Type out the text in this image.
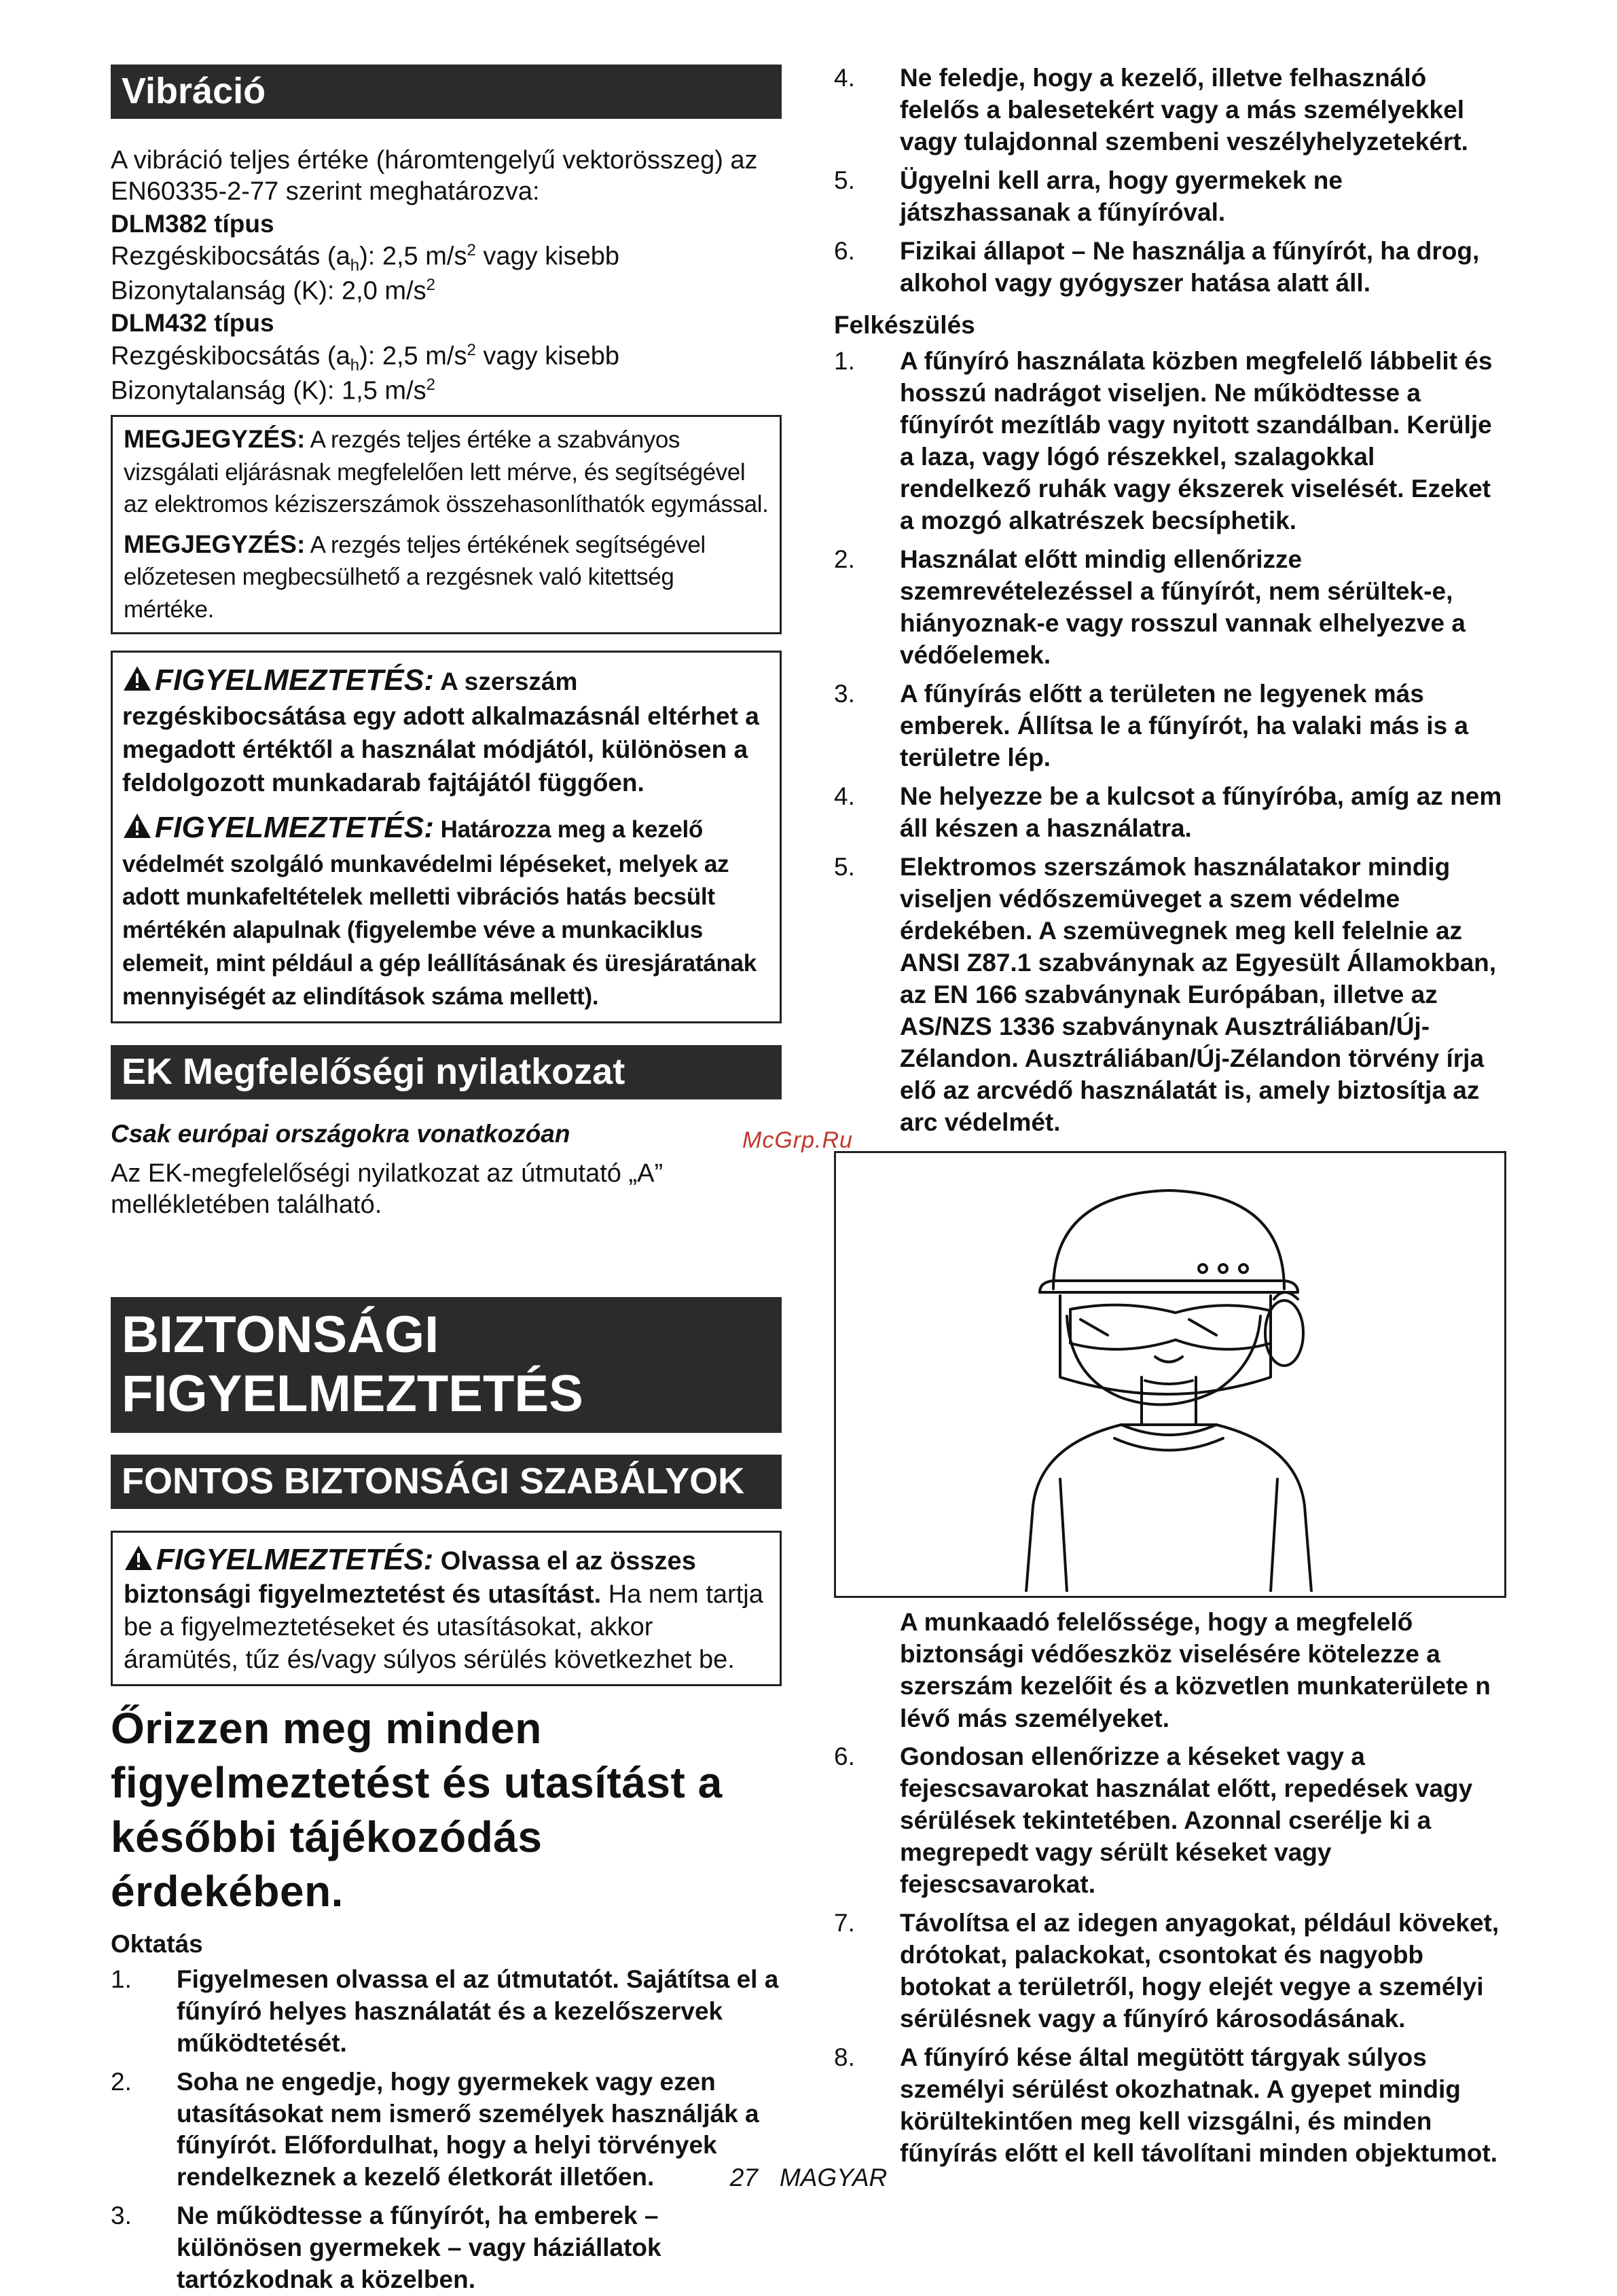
Vibráció

A vibráció teljes értéke (háromtengelyű vektorösszeg) az EN60335-2-77 szerint meghatározva:

DLM382 típus
Rezgéskibocsátás $(a_h)$: 2,5 $m/s^2$ vagy kisebb
Bizonytalanság (K): 2,0 $m/s^2$
DLM432 típus
Rezgéskibocsátás $(a_h)$: 2,5 $m/s^2$ vagy kisebb
Bizonytalanság (K): 1,5 $m/s^2$

MEGJEGYZÉS: A rezgés teljes értéke a szabványos vizsgálati eljárásnak megfelelően lett mérve, és segítségével az elektromos kéziszerszámok összehasonlíthatók egymással.

MEGJEGYZÉS: A rezgés teljes értékének segítségével előzetesen megbecsülhető a rezgésnek való kitettség mértéke.

FIGYELMEZTETÉS: A szerszám rezgéskibocsátása egy adott alkalmazásnál eltérhet a megadott értéktől a használat módjától, különösen a feldolgozott munkadarab fajtájától függően.

FIGYELMEZTETÉS: Határozza meg a kezelő védelmét szolgáló munkavédelmi lépéseket, melyek az adott munkafeltételek melletti vibrációs hatás becsült mértékén alapulnak (figyelembe véve a munkaciklus elemeit, mint például a gép leállításának és üresjáratának mennyiségét az elindítások száma mellett).

EK Megfelelőségi nyilatkozat

Csak európai országokra vonatkozóan

Az EK-megfelelőségi nyilatkozat az útmutató „A” mellékletében található.

BIZTONSÁGI
FIGYELMEZTETÉS
FONTOS BIZTONSÁGI SZABÁLYOK

FIGYELMEZTETÉS: Olvassa el az összes biztonsági figyelmeztetést és utasítást. Ha nem tartja be a figyelmeztetéseket és utasításokat, akkor áramütés, tűz és/vagy súlyos sérülés következhet be.

Őrizzen meg minden figyelmeztetést és utasítást a későbbi tájékozódás érdekében.

Oktatás

1. Figyelmesen olvassa el az útmutatót. Sajátítsa el a fűnyíró helyes használatát és a kezelőszervek működtetését.
2. Soha ne engedje, hogy gyermekek vagy ezen utasításokat nem ismerő személyek használják a fűnyírót. Előfordulhat, hogy a helyi törvények rendelkeznek a kezelő életkorát illetően.
3. Ne működtesse a fűnyírót, ha emberek – különösen gyermekek – vagy háziállatok tartózkodnak a közelben.
4. Ne feledje, hogy a kezelő, illetve felhasználó felelős a balesetekért vagy a más személyekkel vagy tulajdonnal szembeni veszélyhelyzetekért.
5. Ügyelni kell arra, hogy gyermekek ne játszhassanak a fűnyíróval.
6. Fizikai állapot – Ne használja a fűnyírót, ha drog, alkohol vagy gyógyszer hatása alatt áll.

Felkészülés

1. A fűnyíró használata közben megfelelő lábbelit és hosszú nadrágot viseljen. Ne működtesse a fűnyírót mezítláb vagy nyitott szandálban. Kerülje a laza, vagy lógó részekkel, szalagokkal rendelkező ruhák vagy ékszerek viselését. Ezeket a mozgó alkatrészek becsíphetik.
2. Használat előtt mindig ellenőrizze szemrevételezéssel a fűnyírót, nem sérültek-e, hiányoznak-e vagy rosszul vannak elhelyezve a védőelemek.
3. A fűnyírás előtt a területen ne legyenek más emberek. Állítsa le a fűnyírót, ha valaki más is a területre lép.
4. Ne helyezze be a kulcsot a fűnyíróba, amíg az nem áll készen a használatra.
5. Elektromos szerszámok használatakor mindig viseljen védőszemüveget a szem védelme érdekében. A szemüvegnek meg kell felelnie az ANSI Z87.1 szabványnak az Egyesült Államokban, az EN 166 szabványnak Európában, illetve az AS/NZS 1336 szabványnak Ausztráliában/Új-Zélandon. Ausztráliában/Új-Zélandon törvény írja elő az arcvédő használatát is, amely biztosítja az arc védelmét.

A munkaadó felelőssége, hogy a megfelelő biztonsági védőeszköz viselésére kötelezze a szerszám kezelőit és a közvetlen munkaterülete n lévő más személyeket.

6. Gondosan ellenőrizze a késeket vagy a fejescsavarokat használat előtt, repedések vagy sérülések tekintetében. Azonnal cserélje ki a megrepedt vagy sérült késeket vagy fejescsavarokat.
7. Távolítsa el az idegen anyagokat, például köveket, drótokat, palackokat, csontokat és nagyobb botokat a területről, hogy elejét vegye a személyi sérülésnek vagy a fűnyíró károsodásának.
8. A fűnyíró kése által megütött tárgyak súlyos személyi sérülést okozhatnak. A gyepet mindig körültekintően meg kell vizsgálni, és minden fűnyírás előtt el kell távolítani minden objektumot.
McGrp.Ru
27 MAGYAR
